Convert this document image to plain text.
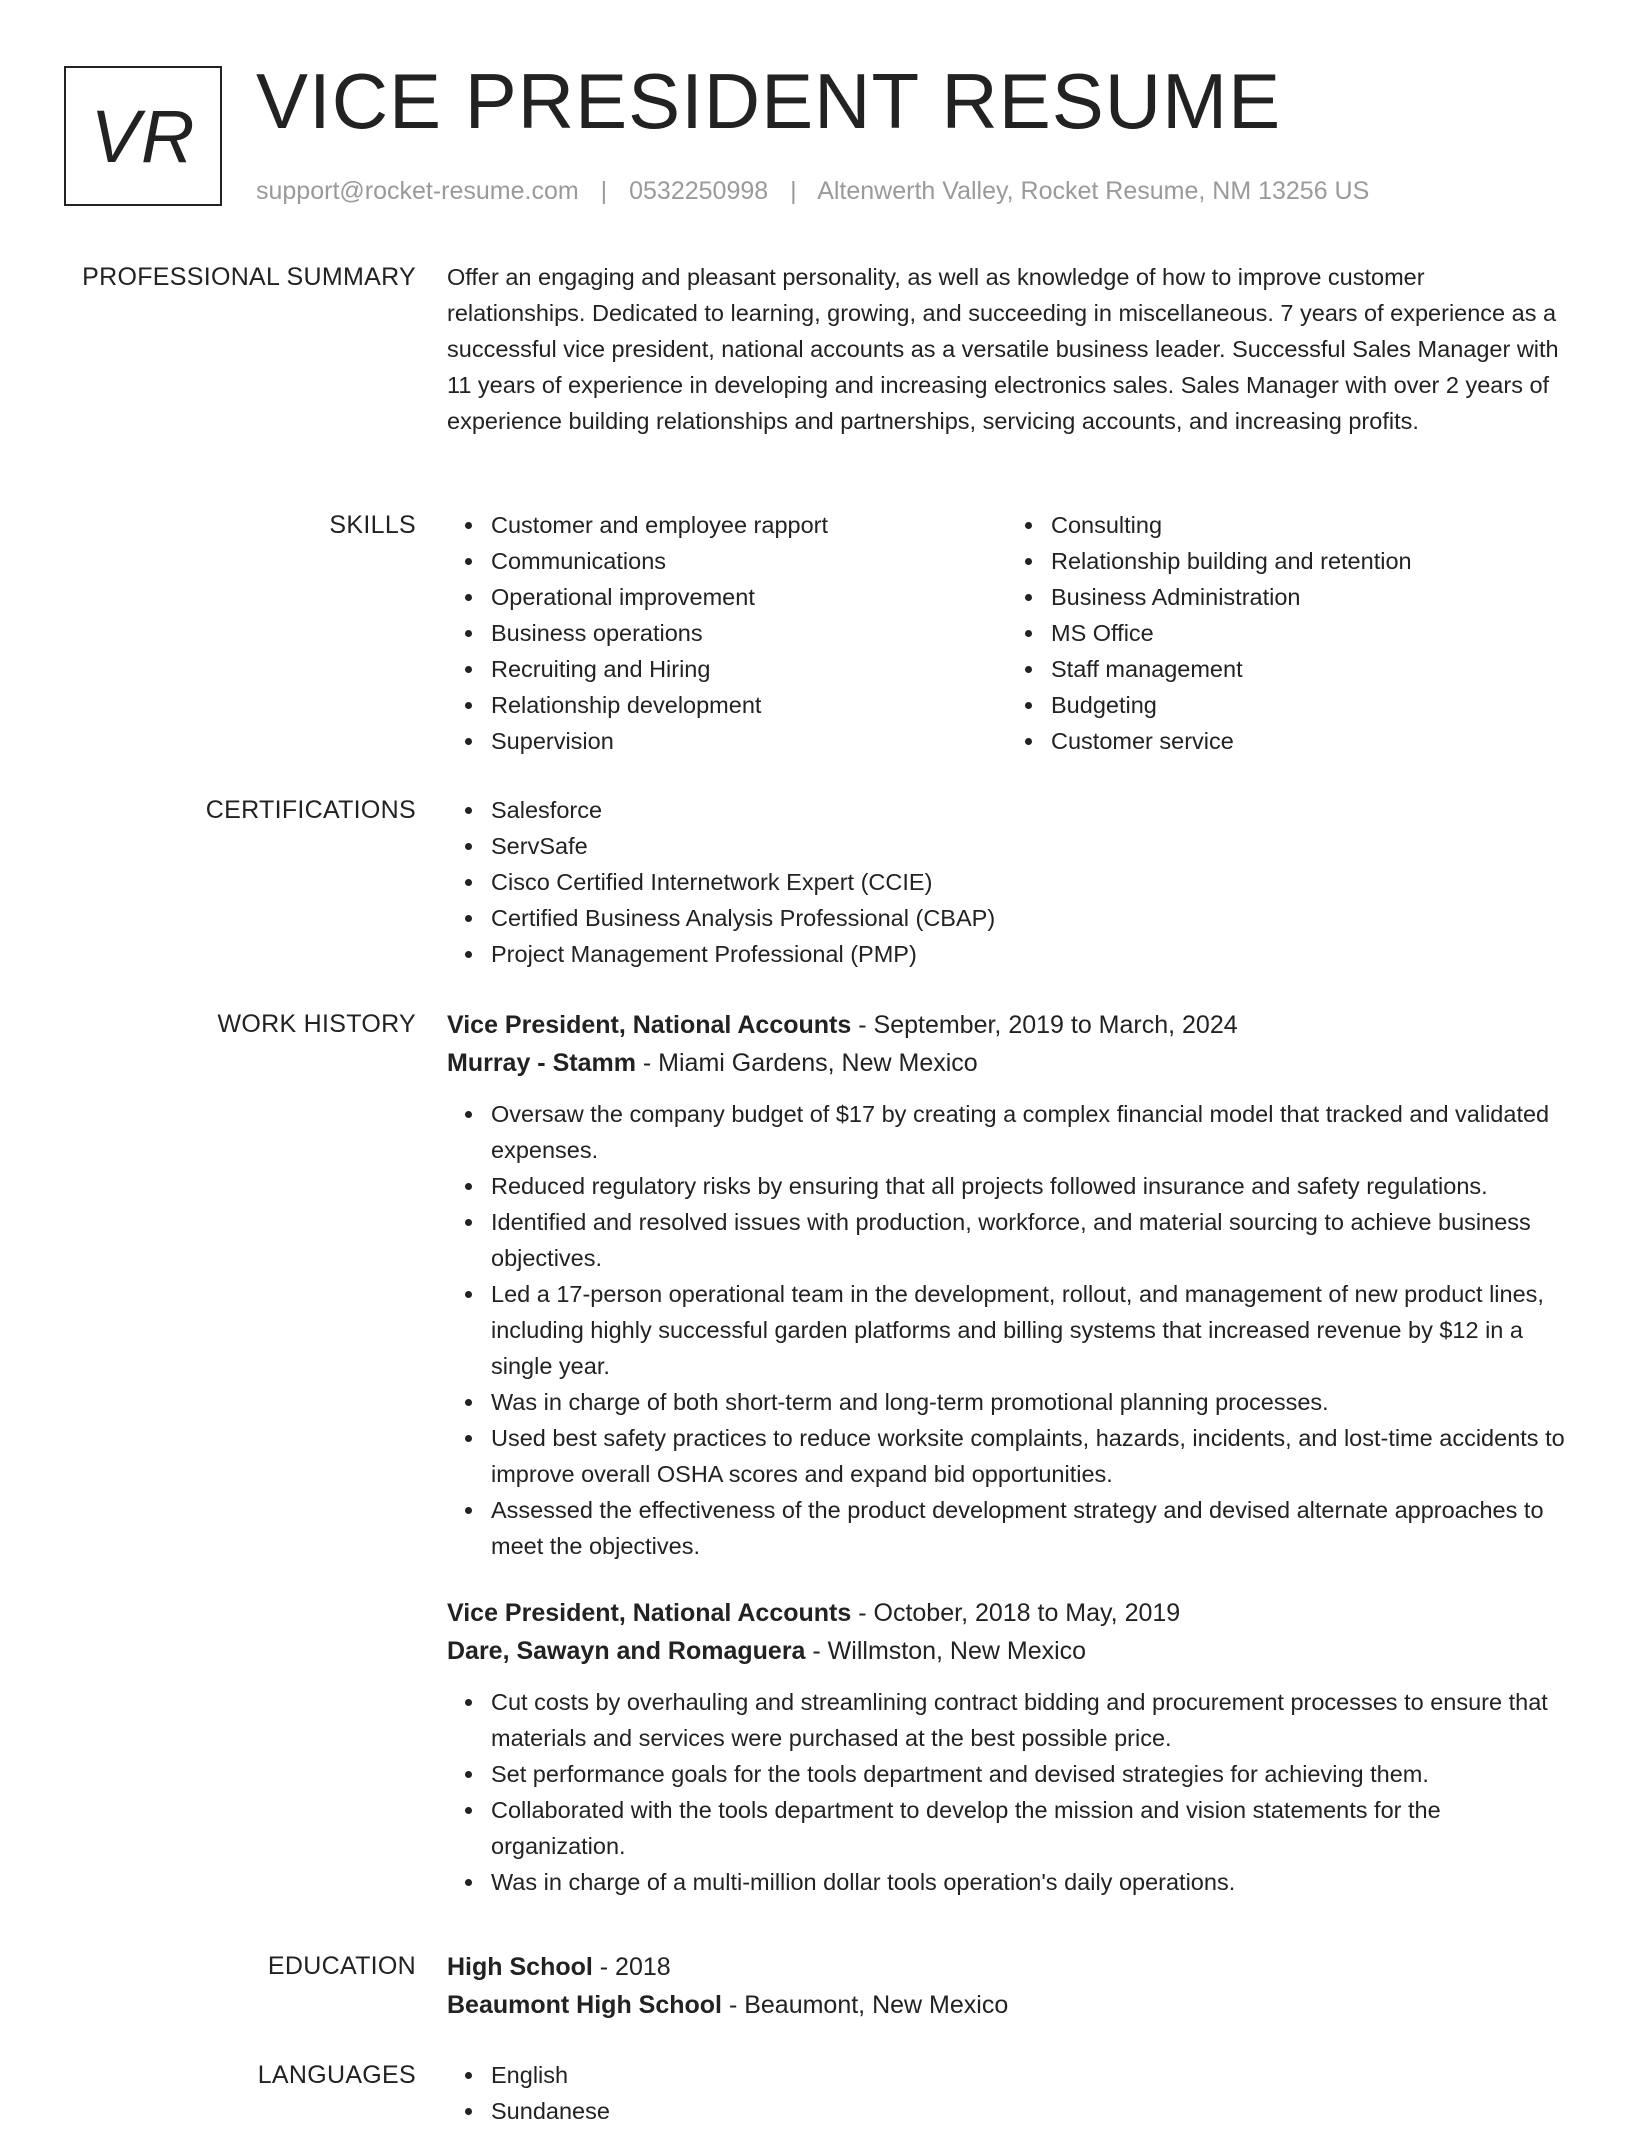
VR VICE PRESIDENT RESUME
support@rocket-resume.com | 0532250998 | Altenwerth Valley, Rocket Resume, NM 13256 US
PROFESSIONAL SUMMARY Offer an engaging and pleasant personality, as well as knowledge of how to improve customer relationships. Dedicated to learning, growing, and succeeding in miscellaneous. 7 years of experience as a successful vice president, national accounts as a versatile business leader. Successful Sales Manager with 11 years of experience in developing and increasing electronics sales. Sales Manager with over 2 years of experience building relationships and partnerships, servicing accounts, and increasing profits.

SKILLS	Customer and employee rapport
Communications
Operational improvement
Business operations
Recruiting and Hiring
Relationship development
Supervision
Consulting
Relationship building and retention
Business Administration
MS Office
Staff management
Budgeting
Customer service
CERTIFICATIONS	Salesforce
ServSafe
Cisco Certified Internetwork Expert (CCIE)
Certified Business Analysis Professional (CBAP)
Project Management Professional (PMP)
WORK HISTORY Vice President, National Accounts - September, 2019 to March, 2024
Murray - Stamm - Miami Gardens, New Mexico
Oversaw the company budget of $17 by creating a complex financial model that tracked and validated expenses.
Reduced regulatory risks by ensuring that all projects followed insurance and safety regulations.
Identified and resolved issues with production, workforce, and material sourcing to achieve business objectives.
Led a 17-person operational team in the development, rollout, and management of new product lines, including highly successful garden platforms and billing systems that increased revenue by $12 in a single year.
Was in charge of both short-term and long-term promotional planning processes.
Used best safety practices to reduce worksite complaints, hazards, incidents, and lost-time accidents to improve overall OSHA scores and expand bid opportunities.
Assessed the effectiveness of the product development strategy and devised alternate approaches to meet the objectives.
Vice President, National Accounts - October, 2018 to May, 2019
Dare, Sawayn and Romaguera - Willmston, New Mexico
Cut costs by overhauling and streamlining contract bidding and procurement processes to ensure that materials and services were purchased at the best possible price.
Set performance goals for the tools department and devised strategies for achieving them.
Collaborated with the tools department to develop the mission and vision statements for the organization.
Was in charge of a multi-million dollar tools operation's daily operations.
EDUCATION High School - 2018
Beaumont High School - Beaumont, New Mexico
LANGUAGES	English
Sundanese
